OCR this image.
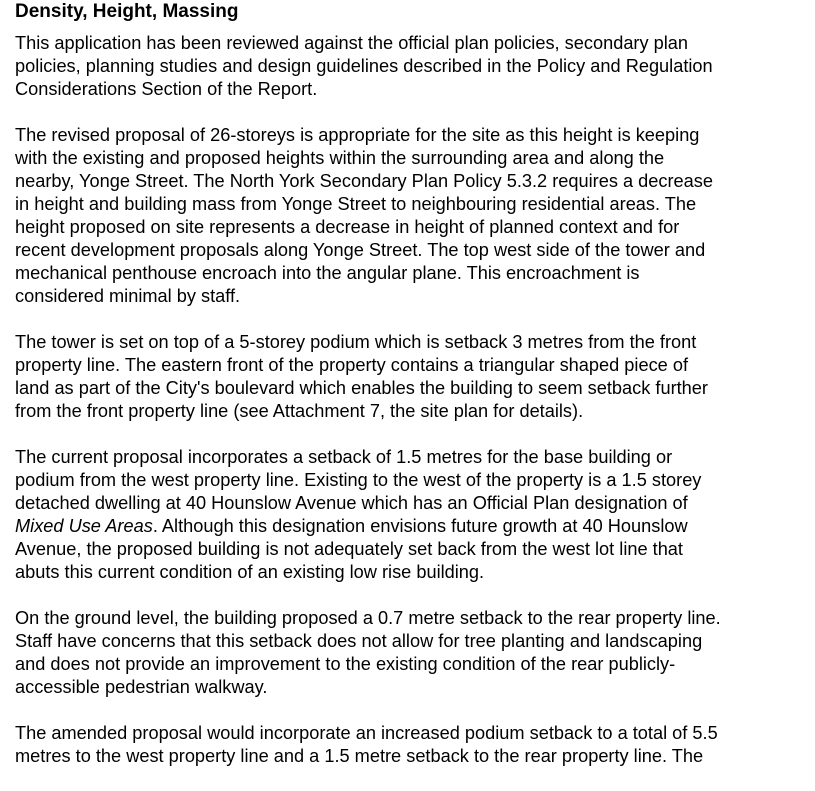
Density, Height, Massing

This application has been reviewed against the official plan policies, secondary plan
policies, planning studies and design guidelines described in the Policy and Regulation
Considerations Section of the Report.

The revised proposal of 26-storeys is appropriate for the site as this height is keeping
with the existing and proposed heights within the surrounding area and along the
nearby, Yonge Street. The North York Secondary Plan Policy 5.3.2 requires a decrease
in height and building mass from Yonge Street to neighbouring residential areas. The
height proposed on site represents a decrease in height of planned context and for
recent development proposals along Yonge Street. The top west side of the tower and
mechanical penthouse encroach into the angular plane. This encroachment is
considered minimal by staff.

The tower is set on top of a 5-storey podium which is setback 3 metres from the front
property line. The eastern front of the property contains a triangular shaped piece of
land as part of the City's boulevard which enables the building to seem setback further
from the front property line (see Attachment 7, the site plan for details).

The current proposal incorporates a setback of 1.5 metres for the base building or
podium from the west property line. Existing to the west of the property is a 1.5 storey
detached dwelling at 40 Hounslow Avenue which has an Official Plan designation of
Mixed Use Areas. Although this designation envisions future growth at 40 Hounslow
Avenue, the proposed building is not adequately set back from the west lot line that
abuts this current condition of an existing low rise building.

On the ground level, the building proposed a 0.7 metre setback to the rear property line.
Staff have concerns that this setback does not allow for tree planting and landscaping
and does not provide an improvement to the existing condition of the rear publicly-
accessible pedestrian walkway.

The amended proposal would incorporate an increased podium setback to a total of 5.5
metres to the west property line and a 1.5 metre setback to the rear property line. The
